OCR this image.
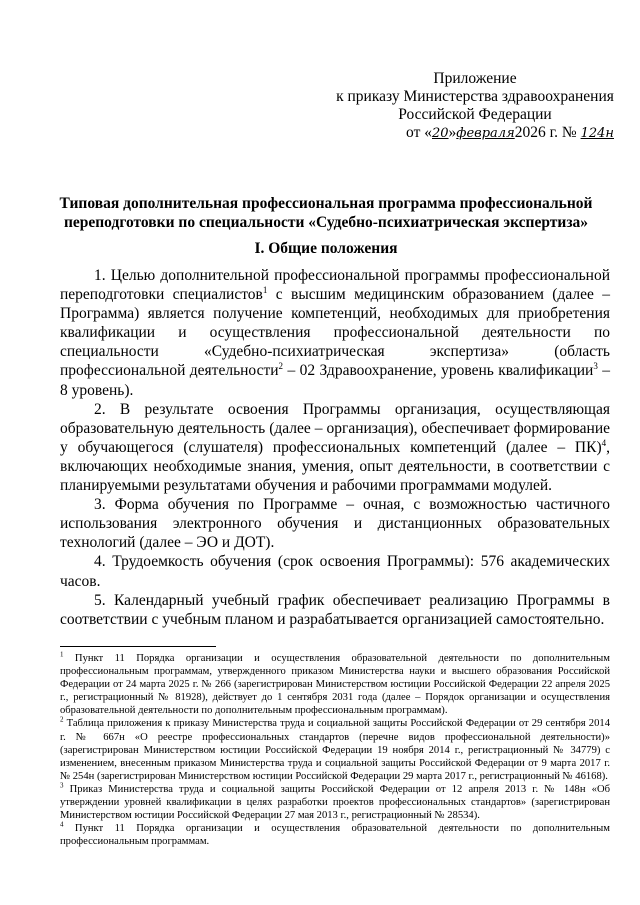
Приложение
к приказу Министерства здравоохранения
Российской Федерации
от «20»февраля2026 г. № 124н
Типовая дополнительная профессиональная программа профессиональной переподготовки по специальности «Судебно-психиатрическая экспертиза»
I. Общие положения

1. Целью дополнительной профессиональной программы профессиональной переподготовки специалистов$^1$ с высшим медицинским образованием (далее – Программа) является получение компетенций, необходимых для приобретения квалификации и осуществления профессиональной деятельности по специальности «Судебно-психиатрическая экспертиза» (область профессиональной деятельности$^2$ – 02 Здравоохранение, уровень квалификации$^3$ – 8 уровень).

2. В результате освоения Программы организация, осуществляющая образовательную деятельность (далее – организация), обеспечивает формирование у обучающегося (слушателя) профессиональных компетенций (далее – ПК)$^4$, включающих необходимые знания, умения, опыт деятельности, в соответствии с планируемыми результатами обучения и рабочими программами модулей.

3. Форма обучения по Программе – очная, с возможностью частичного использования электронного обучения и дистанционных образовательных технологий (далее – ЭО и ДОТ).

4. Трудоемкость обучения (срок освоения Программы): 576 академических часов.

5. Календарный учебный график обеспечивает реализацию Программы в соответствии с учебным планом и разрабатывается организацией самостоятельно.

$^1$ Пункт 11 Порядка организации и осуществления образовательной деятельности по дополнительным профессиональным программам, утвержденного приказом Министерства науки и высшего образования Российской Федерации от 24 марта 2025 г. № 266 (зарегистрирован Министерством юстиции Российской Федерации 22 апреля 2025 г., регистрационный № 81928), действует до 1 сентября 2031 года (далее – Порядок организации и осуществления образовательной деятельности по дополнительным профессиональным программам).

$^2$ Таблица приложения к приказу Министерства труда и социальной защиты Российской Федерации от 29 сентября 2014 г. № 667н «О реестре профессиональных стандартов (перечне видов профессиональной деятельности)» (зарегистрирован Министерством юстиции Российской Федерации 19 ноября 2014 г., регистрационный № 34779) с изменением, внесенным приказом Министерства труда и социальной защиты Российской Федерации от 9 марта 2017 г. № 254н (зарегистрирован Министерством юстиции Российской Федерации 29 марта 2017 г., регистрационный № 46168).

$^3$ Приказ Министерства труда и социальной защиты Российской Федерации от 12 апреля 2013 г. № 148н «Об утверждении уровней квалификации в целях разработки проектов профессиональных стандартов» (зарегистрирован Министерством юстиции Российской Федерации 27 мая 2013 г., регистрационный № 28534).

$^4$ Пункт 11 Порядка организации и осуществления образовательной деятельности по дополнительным профессиональным программам.
